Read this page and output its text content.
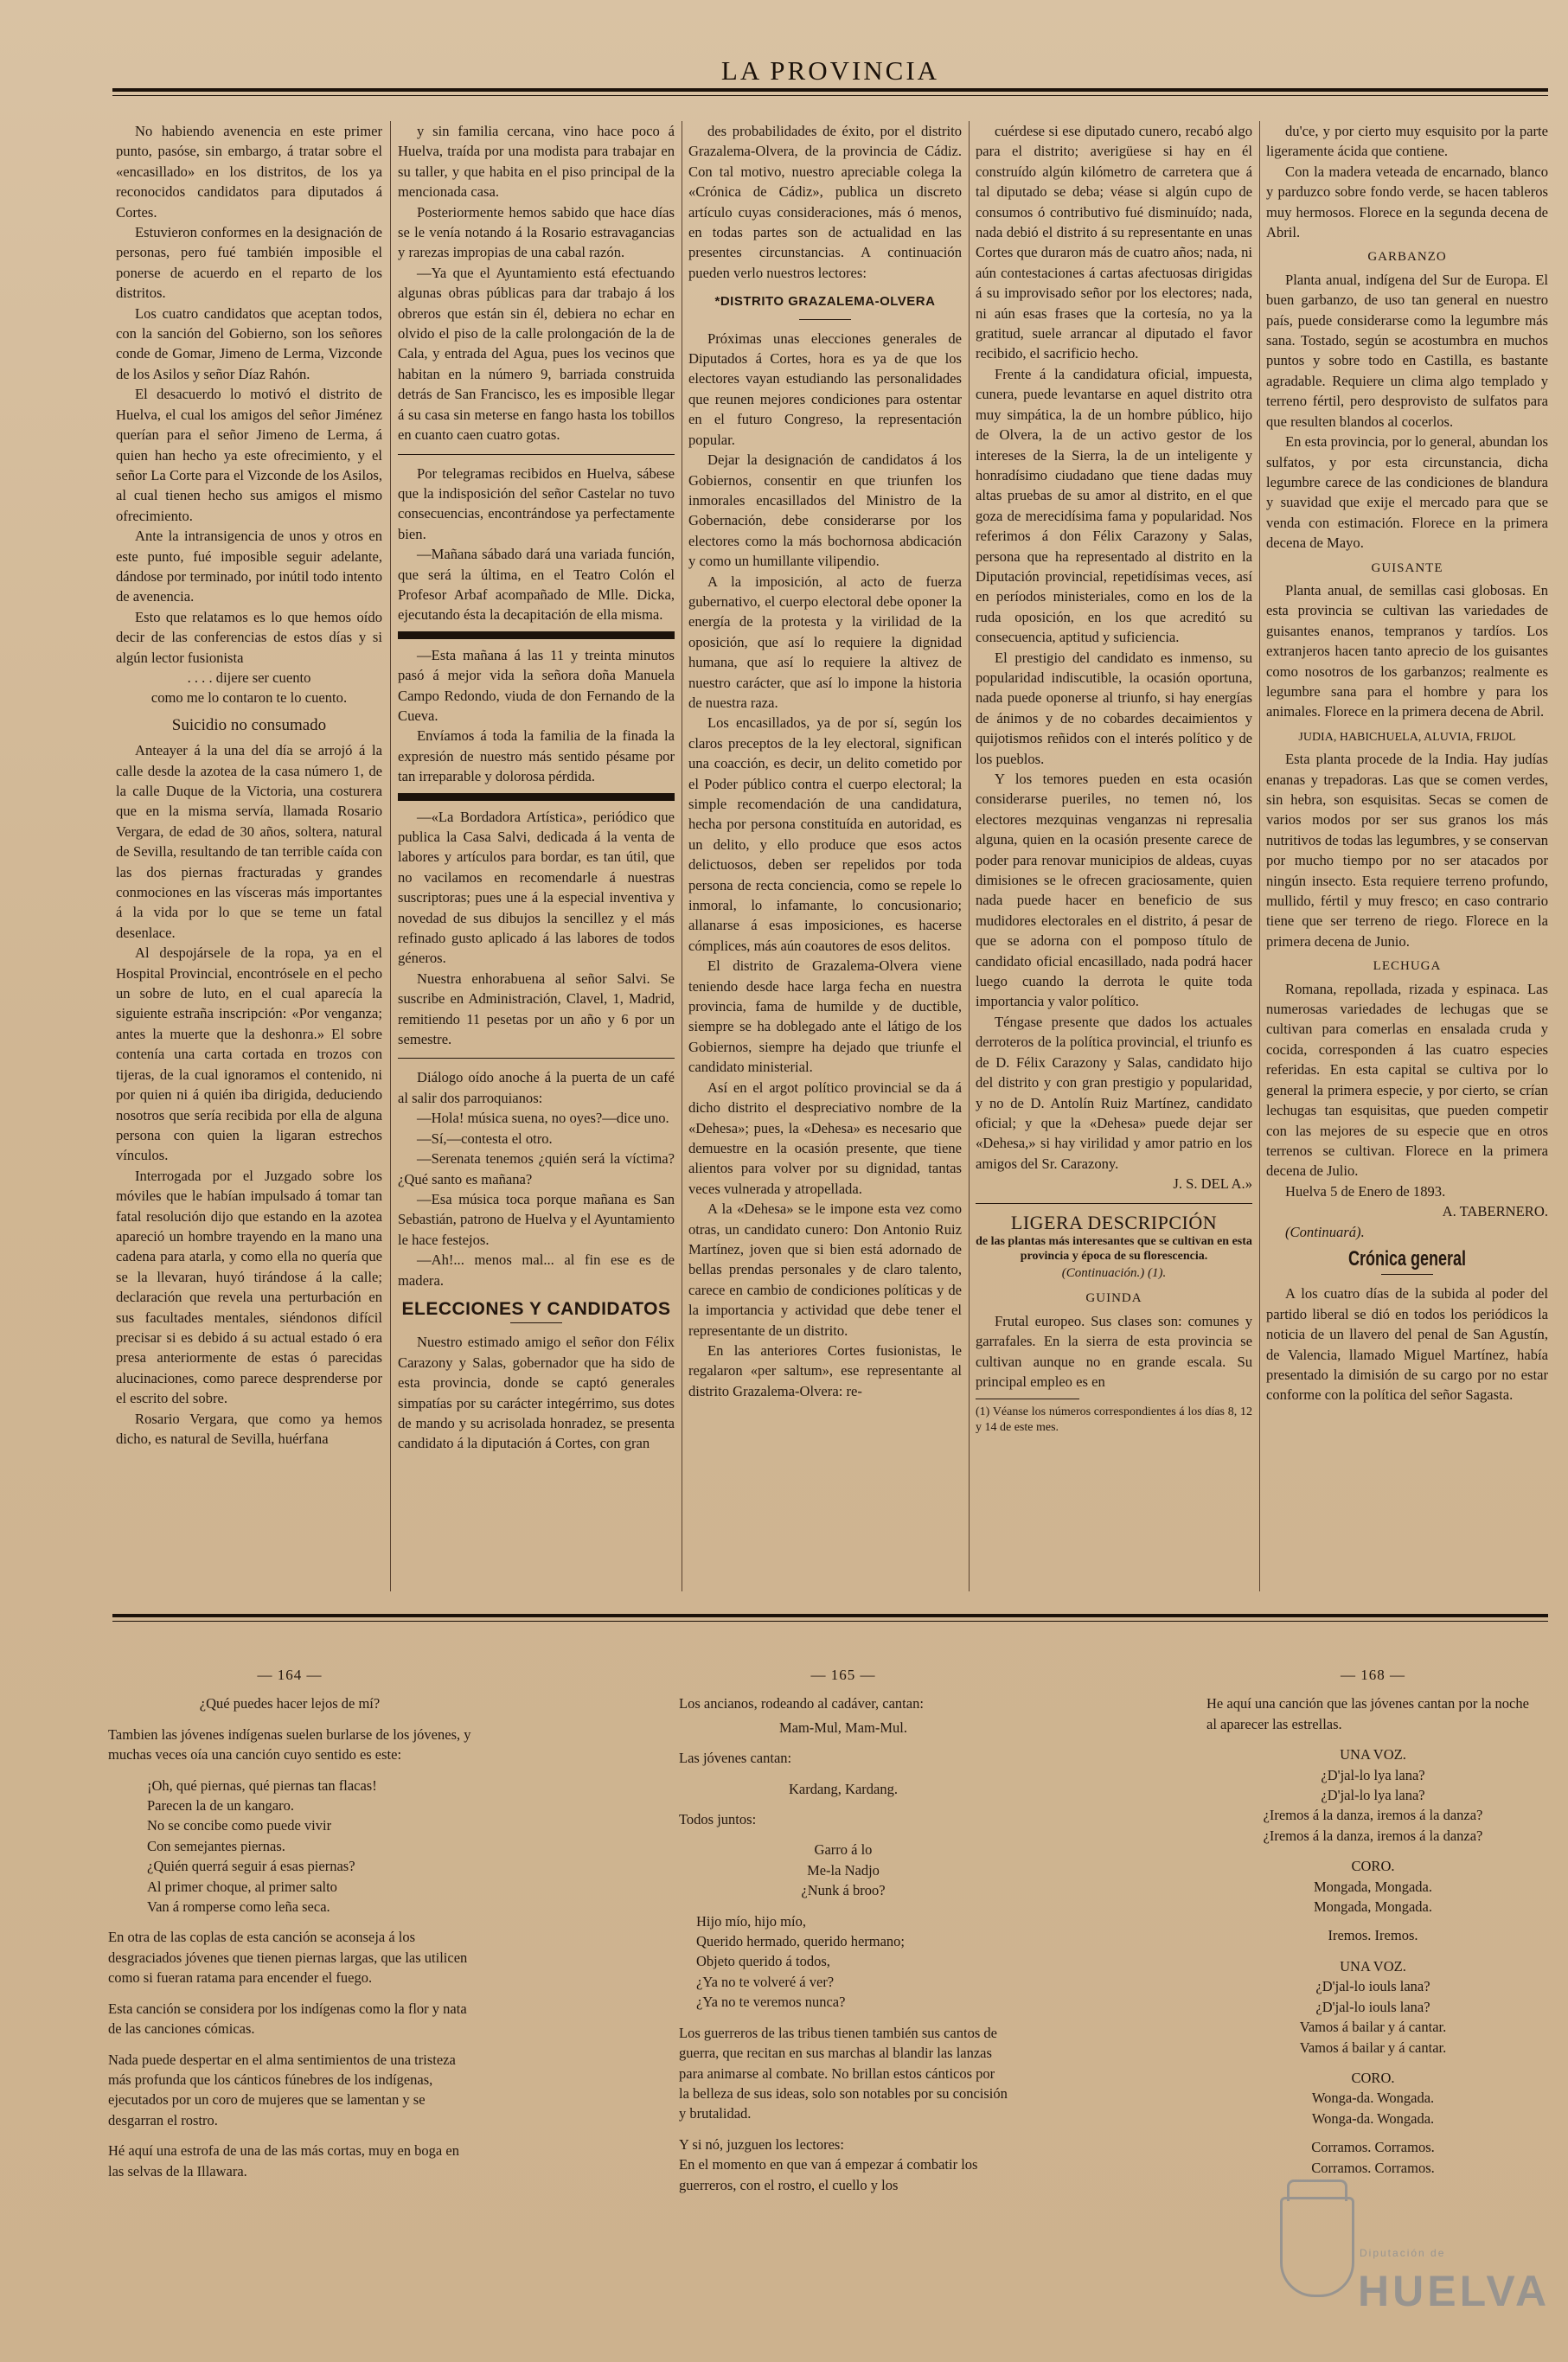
LA PROVINCIA

No habiendo avenencia en este primer punto, pasóse, sin embargo, á tratar sobre el «encasillado» en los distritos, de los ya reconocidos candidatos para diputados á Cortes.

Estuvieron conformes en la designación de personas, pero fué también imposible el ponerse de acuerdo en el reparto de los distritos.

Los cuatro candidatos que aceptan todos, con la sanción del Gobierno, son los señores conde de Gomar, Jimeno de Lerma, Vizconde de los Asilos y señor Díaz Rahón.

El desacuerdo lo motivó el distrito de Huelva, el cual los amigos del señor Jiménez querían para el señor Jimeno de Lerma, á quien han hecho ya este ofrecimiento, y el señor La Corte para el Vizconde de los Asilos, al cual tienen hecho sus amigos el mismo ofrecimiento.

Ante la intransigencia de unos y otros en este punto, fué imposible seguir adelante, dándose por terminado, por inútil todo intento de avenencia.

Esto que relatamos es lo que hemos oído decir de las conferencias de estos días y si algún lector fusionista

. . . . dijere ser cuento

como me lo contaron te lo cuento.

Suicidio no consumado

Anteayer á la una del día se arrojó á la calle desde la azotea de la casa número 1, de la calle Duque de la Victoria, una costurera que en la misma servía, llamada Rosario Vergara, de edad de 30 años, soltera, natural de Sevilla, resultando de tan terrible caída con las dos piernas fracturadas y grandes conmociones en las vísceras más importantes á la vida por lo que se teme un fatal desenlace.

Al despojársele de la ropa, ya en el Hospital Provincial, encontrósele en el pecho un sobre de luto, en el cual aparecía la siguiente estraña inscripción: «Por venganza; antes la muerte que la deshonra.» El sobre contenía una carta cortada en trozos con tijeras, de la cual ignoramos el contenido, ni por quien ni á quién iba dirigida, deduciendo nosotros que sería recibida por ella de alguna persona con quien la ligaran estrechos vínculos.

Interrogada por el Juzgado sobre los móviles que le habían impulsado á tomar tan fatal resolución dijo que estando en la azotea apareció un hombre trayendo en la mano una cadena para atarla, y como ella no quería que se la llevaran, huyó tirándose á la calle; declaración que revela una perturbación en sus facultades mentales, siéndonos difícil precisar si es debido á su actual estado ó era presa anteriormente de estas ó parecidas alucinaciones, como parece desprenderse por el escrito del sobre.

Rosario Vergara, que como ya hemos dicho, es natural de Sevilla, huérfana

y sin familia cercana, vino hace poco á Huelva, traída por una modista para trabajar en su taller, y que habita en el piso principal de la mencionada casa.

Posteriormente hemos sabido que hace días se le venía notando á la Rosario estravagancias y rarezas impropias de una cabal razón.

—Ya que el Ayuntamiento está efectuando algunas obras públicas para dar trabajo á los obreros que están sin él, debiera no echar en olvido el piso de la calle prolongación de la de Cala, y entrada del Agua, pues los vecinos que habitan en la número 9, barriada construida detrás de San Francisco, les es imposible llegar á su casa sin meterse en fango hasta los tobillos en cuanto caen cuatro gotas.

Por telegramas recibidos en Huelva, sábese que la indisposición del señor Castelar no tuvo consecuencias, encontrándose ya perfectamente bien.

—Mañana sábado dará una variada función, que será la última, en el Teatro Colón el Profesor Arbaf acompañado de Mlle. Dicka, ejecutando ésta la decapitación de ella misma.

—Esta mañana á las 11 y treinta minutos pasó á mejor vida la señora doña Manuela Campo Redondo, viuda de don Fernando de la Cueva.

Envíamos á toda la familia de la finada la expresión de nuestro más sentido pésame por tan irreparable y dolorosa pérdida.

—«La Bordadora Artística», periódico que publica la Casa Salvi, dedicada á la venta de labores y artículos para bordar, es tan útil, que no vacilamos en recomendarle á nuestras suscriptoras; pues une á la especial inventiva y novedad de sus dibujos la sencillez y el más refinado gusto aplicado á las labores de todos géneros.

Nuestra enhorabuena al señor Salvi. Se suscribe en Administración, Clavel, 1, Madrid, remitiendo 11 pesetas por un año y 6 por un semestre.

Diálogo oído anoche á la puerta de un café al salir dos parroquianos:

—Hola! música suena, no oyes?—dice uno.

—Sí,—contesta el otro.

—Serenata tenemos ¿quién será la víctima? ¿Qué santo es mañana?

—Esa música toca porque mañana es San Sebastián, patrono de Huelva y el Ayuntamiento le hace festejos.

—Ah!... menos mal... al fin ese es de madera.

ELECCIONES Y CANDIDATOS

Nuestro estimado amigo el señor don Félix Carazony y Salas, gobernador que ha sido de esta provincia, donde se captó generales simpatías por su carácter integérrimo, sus dotes de mando y su acrisolada honradez, se presenta candidato á la diputación á Cortes, con gran

des probabilidades de éxito, por el distrito Grazalema-Olvera, de la provincia de Cádiz. Con tal motivo, nuestro apreciable colega la «Crónica de Cádiz», publica un discreto artículo cuyas consideraciones, más ó menos, en todas partes son de actualidad en las presentes circunstancias. A continuación pueden verlo nuestros lectores:

*DISTRITO GRAZALEMA-OLVERA

Próximas unas elecciones generales de Diputados á Cortes, hora es ya de que los electores vayan estudiando las personalidades que reunen mejores condiciones para ostentar en el futuro Congreso, la representación popular.

Dejar la designación de candidatos á los Gobiernos, consentir en que triunfen los inmorales encasillados del Ministro de la Gobernación, debe considerarse por los electores como la más bochornosa abdicación y como un humillante vilipendio.

A la imposición, al acto de fuerza gubernativo, el cuerpo electoral debe oponer la energía de la protesta y la virilidad de la oposición, que así lo requiere la dignidad humana, que así lo requiere la altivez de nuestro carácter, que así lo impone la historia de nuestra raza.

Los encasillados, ya de por sí, según los claros preceptos de la ley electoral, significan una coacción, es decir, un delito cometido por el Poder público contra el cuerpo electoral; la simple recomendación de una candidatura, hecha por persona constituída en autoridad, es un delito, y ello produce que esos actos delictuosos, deben ser repelidos por toda persona de recta conciencia, como se repele lo inmoral, lo infamante, lo concusionario; allanarse á esas imposiciones, es hacerse cómplices, más aún coautores de esos delitos.

El distrito de Grazalema-Olvera viene teniendo desde hace larga fecha en nuestra provincia, fama de humilde y de ductible, siempre se ha doblegado ante el látigo de los Gobiernos, siempre ha dejado que triunfe el candidato ministerial.

Así en el argot político provincial se da á dicho distrito el despreciativo nombre de la «Dehesa»; pues, la «Dehesa» es necesario que demuestre en la ocasión presente, que tiene alientos para volver por su dignidad, tantas veces vulnerada y atropellada.

A la «Dehesa» se le impone esta vez como otras, un candidato cunero: Don Antonio Ruiz Martínez, joven que si bien está adornado de bellas prendas personales y de claro talento, carece en cambio de condiciones políticas y de la importancia y actividad que debe tener el representante de un distrito.

En las anteriores Cortes fusionistas, le regalaron «per saltum», ese representante al distrito Grazalema-Olvera: re-

cuérdese si ese diputado cunero, recabó algo para el distrito; averigüese si hay en él construído algún kilómetro de carretera que á tal diputado se deba; véase si algún cupo de consumos ó contributivo fué disminuído; nada, nada debió el distrito á su representante en unas Cortes que duraron más de cuatro años; nada, ni aún contestaciones á cartas afectuosas dirigidas á su improvisado señor por los electores; nada, ni aún esas frases que la cortesía, no ya la gratitud, suele arrancar al diputado el favor recibido, el sacrificio hecho.

Frente á la candidatura oficial, impuesta, cunera, puede levantarse en aquel distrito otra muy simpática, la de un hombre público, hijo de Olvera, la de un activo gestor de los intereses de la Sierra, la de un inteligente y honradísimo ciudadano que tiene dadas muy altas pruebas de su amor al distrito, en el que goza de merecidísima fama y popularidad. Nos referimos á don Félix Carazony y Salas, persona que ha representado al distrito en la Diputación provincial, repetidísimas veces, así en períodos ministeriales, como en los de la ruda oposición, en los que acreditó su consecuencia, aptitud y suficiencia.

El prestigio del candidato es inmenso, su popularidad indiscutible, la ocasión oportuna, nada puede oponerse al triunfo, si hay energías de ánimos y de no cobardes decaimientos y quijotismos reñidos con el interés político y de los pueblos.

Y los temores pueden en esta ocasión considerarse pueriles, no temen nó, los electores mezquinas venganzas ni represalia alguna, quien en la ocasión presente carece de poder para renovar municipios de aldeas, cuyas dimisiones se le ofrecen graciosamente, quien nada puede hacer en beneficio de sus mudidores electorales en el distrito, á pesar de que se adorna con el pomposo título de candidato oficial encasillado, nada podrá hacer luego cuando la derrota le quite toda importancia y valor político.

Téngase presente que dados los actuales derroteros de la política provincial, el triunfo es de D. Félix Carazony y Salas, candidato hijo del distrito y con gran prestigio y popularidad, y no de D. Antolín Ruiz Martínez, candidato oficial; y que la «Dehesa» puede dejar ser «Dehesa,» si hay virilidad y amor patrio en los amigos del Sr. Carazony.

J. S. DEL A.»

LIGERA DESCRIPCIÓN
de las plantas más interesantes que se cultivan en esta provincia y época de su florescencia.
(Continuación.) (1).
GUINDA

Frutal europeo. Sus clases son: comunes y garrafales. En la sierra de esta provincia se cultivan aunque no en grande escala. Su principal empleo es en

(1) Véanse los números correspondientes á los días 8, 12 y 14 de este mes.

du'ce, y por cierto muy esquisito por la parte ligeramente ácida que contiene.

Con la madera veteada de encarnado, blanco y parduzco sobre fondo verde, se hacen tableros muy hermosos. Florece en la segunda decena de Abril.

GARBANZO

Planta anual, indígena del Sur de Europa. El buen garbanzo, de uso tan general en nuestro país, puede considerarse como la legumbre más sana. Tostado, según se acostumbra en muchos puntos y sobre todo en Castilla, es bastante agradable. Requiere un clima algo templado y terreno fértil, pero desprovisto de sulfatos para que resulten blandos al cocerlos.

En esta provincia, por lo general, abundan los sulfatos, y por esta circunstancia, dicha legumbre carece de las condiciones de blandura y suavidad que exije el mercado para que se venda con estimación. Florece en la primera decena de Mayo.

GUISANTE

Planta anual, de semillas casi globosas. En esta provincia se cultivan las variedades de guisantes enanos, tempranos y tardíos. Los extranjeros hacen tanto aprecio de los guisantes como nosotros de los garbanzos; realmente es legumbre sana para el hombre y para los animales. Florece en la primera decena de Abril.

JUDIA, HABICHUELA, ALUVIA, FRIJOL

Esta planta procede de la India. Hay judías enanas y trepadoras. Las que se comen verdes, sin hebra, son esquisitas. Secas se comen de varios modos por ser sus granos los más nutritivos de todas las legumbres, y se conservan por mucho tiempo por no ser atacados por ningún insecto. Esta requiere terreno profundo, mullido, fértil y muy fresco; en caso contrario tiene que ser terreno de riego. Florece en la primera decena de Junio.

LECHUGA

Romana, repollada, rizada y espinaca. Las numerosas variedades de lechugas que se cultivan para comerlas en ensalada cruda y cocida, corresponden á las cuatro especies referidas. En esta capital se cultiva por lo general la primera especie, y por cierto, se crían lechugas tan esquisitas, que pueden competir con las mejores de su especie que en otros terrenos se cultivan. Florece en la primera decena de Julio.

Huelva 5 de Enero de 1893.

A. TABERNERO.

(Continuará).

Crónica general

A los cuatro días de la subida al poder del partido liberal se dió en todos los periódicos la noticia de un llavero del penal de San Agustín, de Valencia, llamado Miguel Martínez, había presentado la dimisión de su cargo por no estar conforme con la política del señor Sagasta.

— 164 —

¿Qué puedes hacer lejos de mí?

Tambien las jóvenes indígenas suelen burlarse de los jóvenes, y muchas veces oía una canción cuyo sentido es este:

¡Oh, qué piernas, qué piernas tan flacas!
Parecen la de un kangaro.
No se concibe como puede vivir
Con semejantes piernas.
¿Quién querrá seguir á esas piernas?
Al primer choque, al primer salto
Van á romperse como leña seca.

En otra de las coplas de esta canción se aconseja á los desgraciados jóvenes que tienen piernas largas, que las utilicen como si fueran ratama para encender el fuego.

Esta canción se considera por los indígenas como la flor y nata de las canciones cómicas.

Nada puede despertar en el alma sentimientos de una tristeza más profunda que los cánticos fúnebres de los indígenas, ejecutados por un coro de mujeres que se lamentan y se desgarran el rostro.

Hé aquí una estrofa de una de las más cortas, muy en boga en las selvas de la Illawara.

— 165 —

Los ancianos, rodeando al cadáver, cantan:

Mam-Mul, Mam-Mul.

Las jóvenes cantan:

Kardang, Kardang.

Todos juntos:

Garro á lo
Me-la Nadjo
¿Nunk á broo?
Hijo mío, hijo mío,
Querido hermado, querido hermano;
Objeto querido á todos,
¿Ya no te volveré á ver?
¿Ya no te veremos nunca?

Los guerreros de las tribus tienen también sus cantos de guerra, que recitan en sus marchas al blandir las lanzas para animarse al combate. No brillan estos cánticos por la belleza de sus ideas, solo son notables por su concisión y brutalidad.

Y si nó, juzguen los lectores:

En el momento en que van á empezar á combatir los guerreros, con el rostro, el cuello y los

— 168 —

He aquí una canción que las jóvenes cantan por la noche al aparecer las estrellas.

UNA VOZ.
¿D'jal-lo lya lana?
¿D'jal-lo lya lana?
¿Iremos á la danza, iremos á la danza?
¿Iremos á la danza, iremos á la danza?
CORO.
Mongada, Mongada.
Mongada, Mongada.
Iremos. Iremos.
UNA VOZ.
¿D'jal-lo iouls lana?
¿D'jal-lo iouls lana?
Vamos á bailar y á cantar.
Vamos á bailar y á cantar.
CORO.
Wonga-da. Wongada.
Wonga-da. Wongada.
Corramos. Corramos.
Corramos. Corramos.
Diputación de
HUELVA
